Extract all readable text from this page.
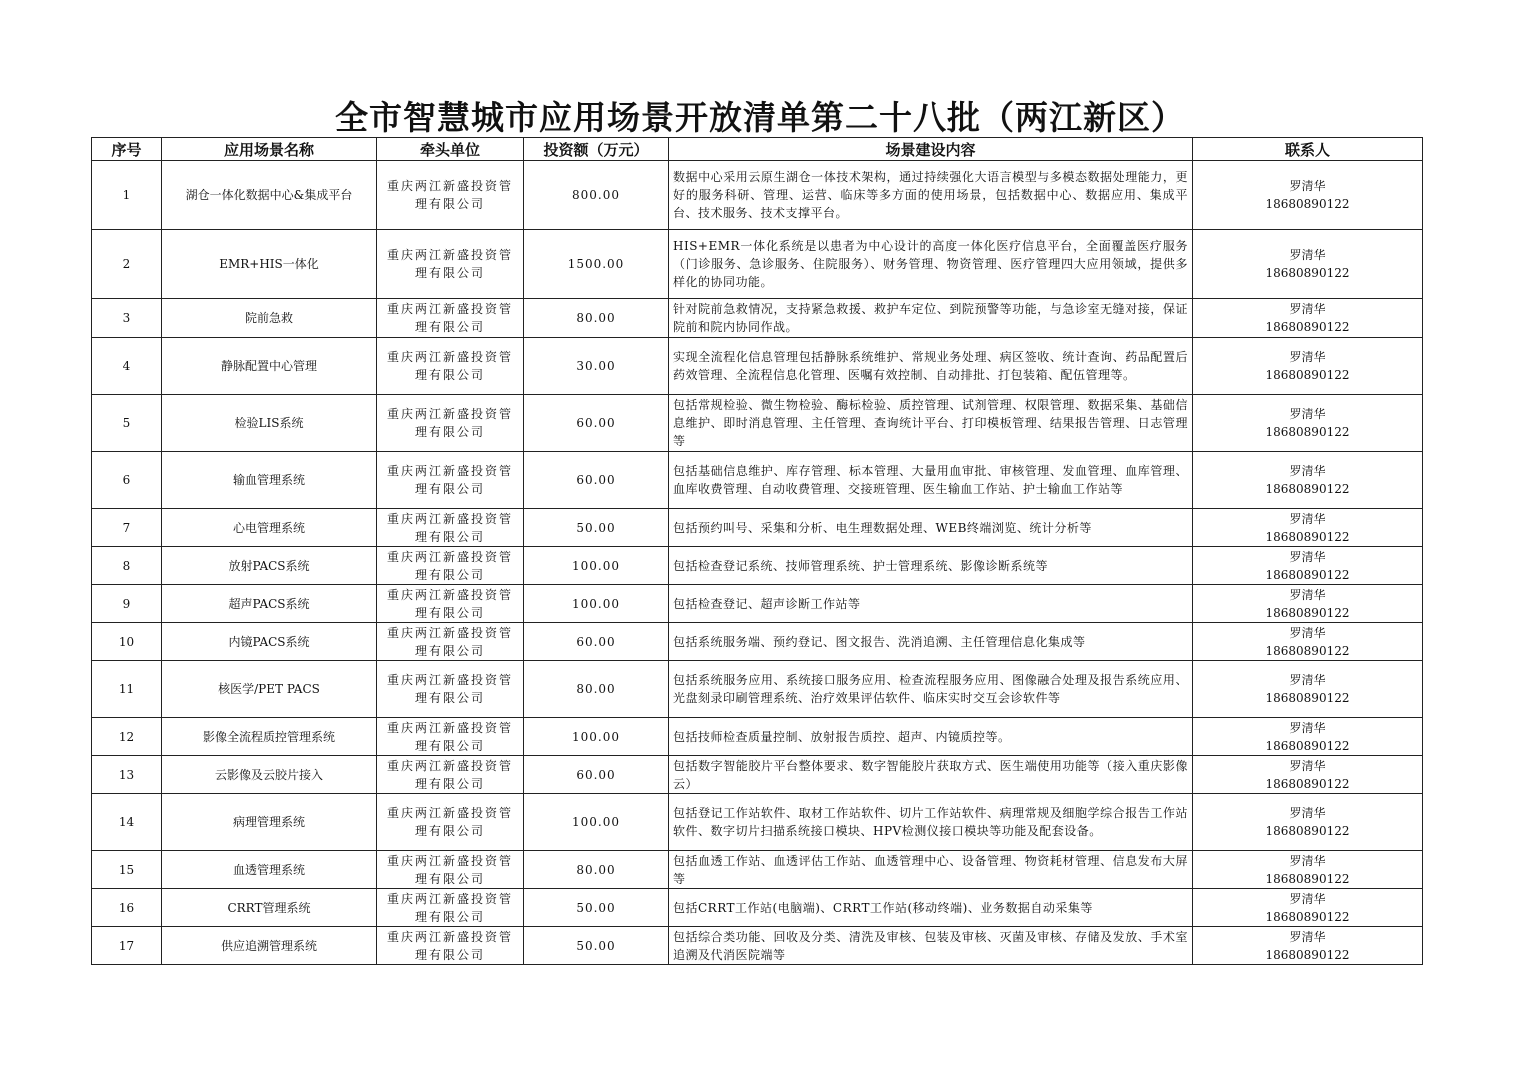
全市智慧城市应用场景开放清单第二十八批（两江新区）
序号	应用场景名称	牵头单位	投资额（万元）	场景建设内容	联系人
1	湖仓一体化数据中心&集成平台	重庆两江新盛投资管理有限公司	800.00	数据中心采用云原生湖仓一体技术架构，通过持续强化大语言模型与多模态数据处理能力，更好的服务科研、管理、运营、临床等多方面的使用场景，包括数据中心、数据应用、集成平台、技术服务、技术支撑平台。	罗清华
18680890122

2	EMR+HIS一体化	重庆两江新盛投资管理有限公司	1500.00	HIS+EMR一体化系统是以患者为中心设计的高度一体化医疗信息平台，全面覆盖医疗服务（门诊服务、急诊服务、住院服务）、财务管理、物资管理、医疗管理四大应用领域，提供多样化的协同功能。	罗清华
18680890122

3	院前急救	重庆两江新盛投资管理有限公司	80.00	针对院前急救情况，支持紧急救援、救护车定位、到院预警等功能，与急诊室无缝对接，保证院前和院内协同作战。	罗清华
18680890122

4	静脉配置中心管理	重庆两江新盛投资管理有限公司	30.00	实现全流程化信息管理包括静脉系统维护、常规业务处理、病区签收、统计查询、药品配置后药效管理、全流程信息化管理、医嘱有效控制、自动排批、打包装箱、配伍管理等。	罗清华
18680890122

5	检验LIS系统	重庆两江新盛投资管理有限公司	60.00	包括常规检验、微生物检验、酶标检验、质控管理、试剂管理、权限管理、数据采集、基础信息维护、即时消息管理、主任管理、查询统计平台、打印模板管理、结果报告管理、日志管理等	罗清华
18680890122

6	输血管理系统	重庆两江新盛投资管理有限公司	60.00	包括基础信息维护、库存管理、标本管理、大量用血审批、审核管理、发血管理、血库管理、血库收费管理、自动收费管理、交接班管理、医生输血工作站、护士输血工作站等	罗清华
18680890122

7	心电管理系统	重庆两江新盛投资管理有限公司	50.00	包括预约叫号、采集和分析、电生理数据处理、WEB终端浏览、统计分析等	罗清华
18680890122

8	放射PACS系统	重庆两江新盛投资管理有限公司	100.00	包括检查登记系统、技师管理系统、护士管理系统、影像诊断系统等	罗清华
18680890122

9	超声PACS系统	重庆两江新盛投资管理有限公司	100.00	包括检查登记、超声诊断工作站等	罗清华
18680890122

10	内镜PACS系统	重庆两江新盛投资管理有限公司	60.00	包括系统服务端、预约登记、图文报告、洗消追溯、主任管理信息化集成等	罗清华
18680890122

11	核医学/PET PACS	重庆两江新盛投资管理有限公司	80.00	包括系统服务应用、系统接口服务应用、检查流程服务应用、图像融合处理及报告系统应用、光盘刻录印刷管理系统、治疗效果评估软件、临床实时交互会诊软件等	罗清华
18680890122

12	影像全流程质控管理系统	重庆两江新盛投资管理有限公司	100.00	包括技师检查质量控制、放射报告质控、超声、内镜质控等。	罗清华
18680890122

13	云影像及云胶片接入	重庆两江新盛投资管理有限公司	60.00	包括数字智能胶片平台整体要求、数字智能胶片获取方式、医生端使用功能等（接入重庆影像云）	罗清华
18680890122

14	病理管理系统	重庆两江新盛投资管理有限公司	100.00	包括登记工作站软件、取材工作站软件、切片工作站软件、病理常规及细胞学综合报告工作站软件、数字切片扫描系统接口模块、HPV检测仪接口模块等功能及配套设备。	罗清华
18680890122

15	血透管理系统	重庆两江新盛投资管理有限公司	80.00	包括血透工作站、血透评估工作站、血透管理中心、设备管理、物资耗材管理、信息发布大屏等	罗清华
18680890122

16	CRRT管理系统	重庆两江新盛投资管理有限公司	50.00	包括CRRT工作站(电脑端)、CRRT工作站(移动终端)、业务数据自动采集等	罗清华
18680890122

17	供应追溯管理系统	重庆两江新盛投资管理有限公司	50.00	包括综合类功能、回收及分类、清洗及审核、包装及审核、灭菌及审核、存储及发放、手术室追溯及代消医院端等	罗清华
18680890122
